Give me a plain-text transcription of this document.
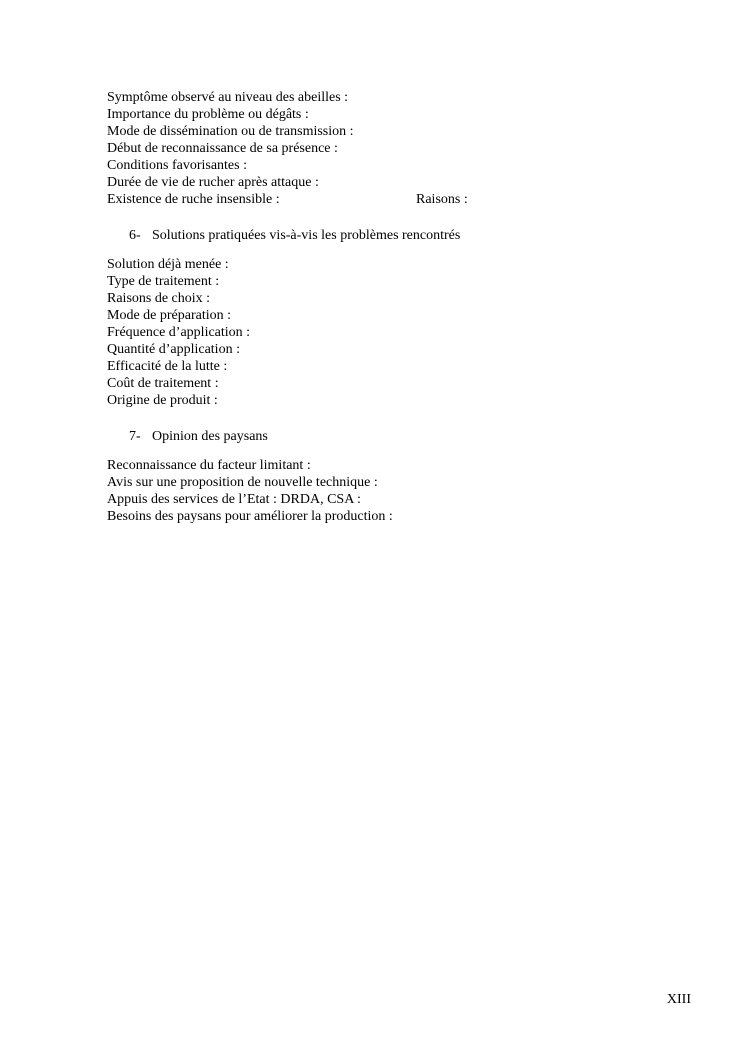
Symptôme observé au niveau des abeilles :
Importance du problème ou dégâts :
Mode de dissémination ou de transmission :
Début de reconnaissance de sa présence :
Conditions favorisantes :
Durée de vie de rucher après attaque :
Existence de ruche insensible :	Raisons :
6- Solutions pratiquées vis-à-vis les problèmes rencontrés
Solution déjà menée :
Type de traitement :
Raisons de choix :
Mode de préparation :
Fréquence d’application :
Quantité d’application :
Efficacité de la lutte :
Coût de traitement :
Origine de produit :
7- Opinion des paysans
Reconnaissance du facteur limitant :
Avis sur une proposition de nouvelle technique :
Appuis des services de l’Etat : DRDA, CSA :
Besoins des paysans pour améliorer la production :
XIII
